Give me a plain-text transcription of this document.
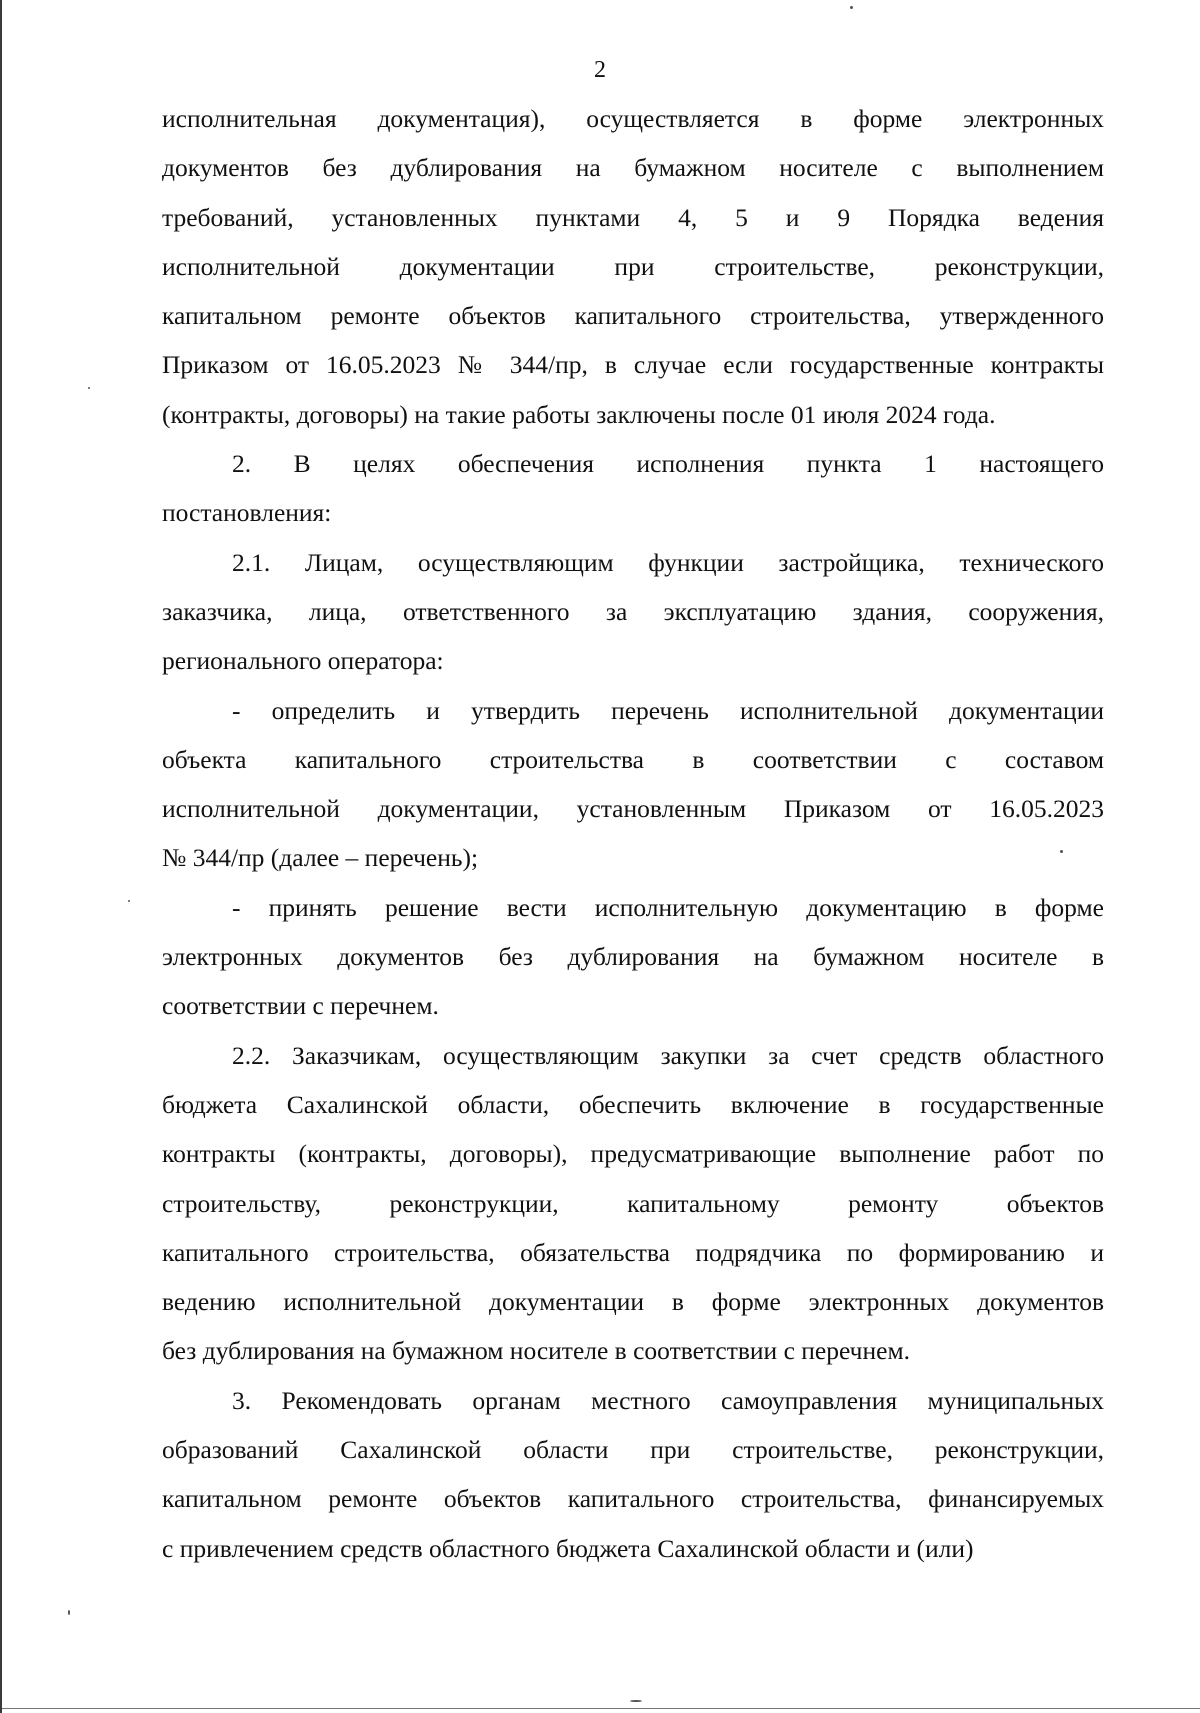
2
исполнительная документация), осуществляется в форме электронных
документов без дублирования на бумажном носителе с выполнением
требований, установленных пунктами 4, 5 и 9 Порядка ведения
исполнительной документации при строительстве, реконструкции,
капитальном ремонте объектов капитального строительства, утвержденного
Приказом от 16.05.2023 № 344/пр, в случае если государственные контракты
(контракты, договоры) на такие работы заключены после 01 июля 2024 года.
2. В целях обеспечения исполнения пункта 1 настоящего
постановления:
2.1. Лицам, осуществляющим функции застройщика, технического
заказчика, лица, ответственного за эксплуатацию здания, сооружения,
регионального оператора:
- определить и утвердить перечень исполнительной документации
объекта капитального строительства в соответствии с составом
исполнительной документации, установленным Приказом от 16.05.2023
№ 344/пр (далее – перечень);
- принять решение вести исполнительную документацию в форме
электронных документов без дублирования на бумажном носителе в
соответствии с перечнем.
2.2. Заказчикам, осуществляющим закупки за счет средств областного
бюджета Сахалинской области, обеспечить включение в государственные
контракты (контракты, договоры), предусматривающие выполнение работ по
строительству, реконструкции, капитальному ремонту объектов
капитального строительства, обязательства подрядчика по формированию и
ведению исполнительной документации в форме электронных документов
без дублирования на бумажном носителе в соответствии с перечнем.
3. Рекомендовать органам местного самоуправления муниципальных
образований Сахалинской области при строительстве, реконструкции,
капитальном ремонте объектов капитального строительства, финансируемых
с привлечением средств областного бюджета Сахалинской области и (или)
